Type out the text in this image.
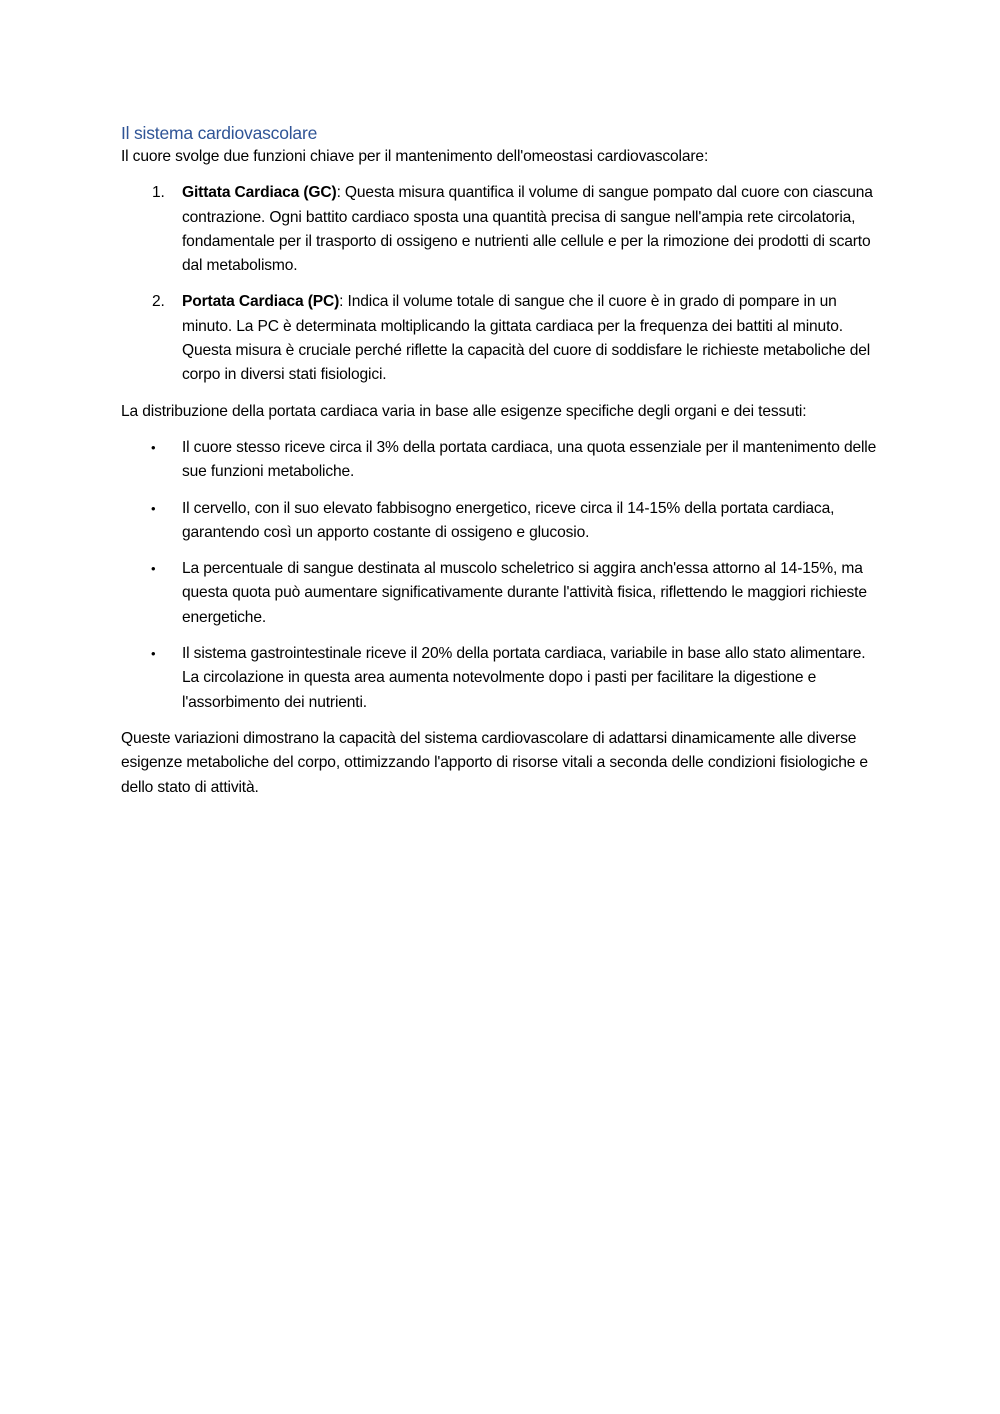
Il sistema cardiovascolare

Il cuore svolge due funzioni chiave per il mantenimento dell'omeostasi cardiovascolare:

1. Gittata Cardiaca (GC): Questa misura quantifica il volume di sangue pompato dal cuore con ciascuna contrazione. Ogni battito cardiaco sposta una quantità precisa di sangue nell'ampia rete circolatoria, fondamentale per il trasporto di ossigeno e nutrienti alle cellule e per la rimozione dei prodotti di scarto dal metabolismo.
2. Portata Cardiaca (PC): Indica il volume totale di sangue che il cuore è in grado di pompare in un minuto. La PC è determinata moltiplicando la gittata cardiaca per la frequenza dei battiti al minuto. Questa misura è cruciale perché riflette la capacità del cuore di soddisfare le richieste metaboliche del corpo in diversi stati fisiologici.

La distribuzione della portata cardiaca varia in base alle esigenze specifiche degli organi e dei tessuti:

• Il cuore stesso riceve circa il 3% della portata cardiaca, una quota essenziale per il mantenimento delle sue funzioni metaboliche.
• Il cervello, con il suo elevato fabbisogno energetico, riceve circa il 14-15% della portata cardiaca, garantendo così un apporto costante di ossigeno e glucosio.
• La percentuale di sangue destinata al muscolo scheletrico si aggira anch'essa attorno al 14-15%, ma questa quota può aumentare significativamente durante l'attività fisica, riflettendo le maggiori richieste energetiche.
• Il sistema gastrointestinale riceve il 20% della portata cardiaca, variabile in base allo stato alimentare. La circolazione in questa area aumenta notevolmente dopo i pasti per facilitare la digestione e l'assorbimento dei nutrienti.

Queste variazioni dimostrano la capacità del sistema cardiovascolare di adattarsi dinamicamente alle diverse esigenze metaboliche del corpo, ottimizzando l'apporto di risorse vitali a seconda delle condizioni fisiologiche e dello stato di attività.
